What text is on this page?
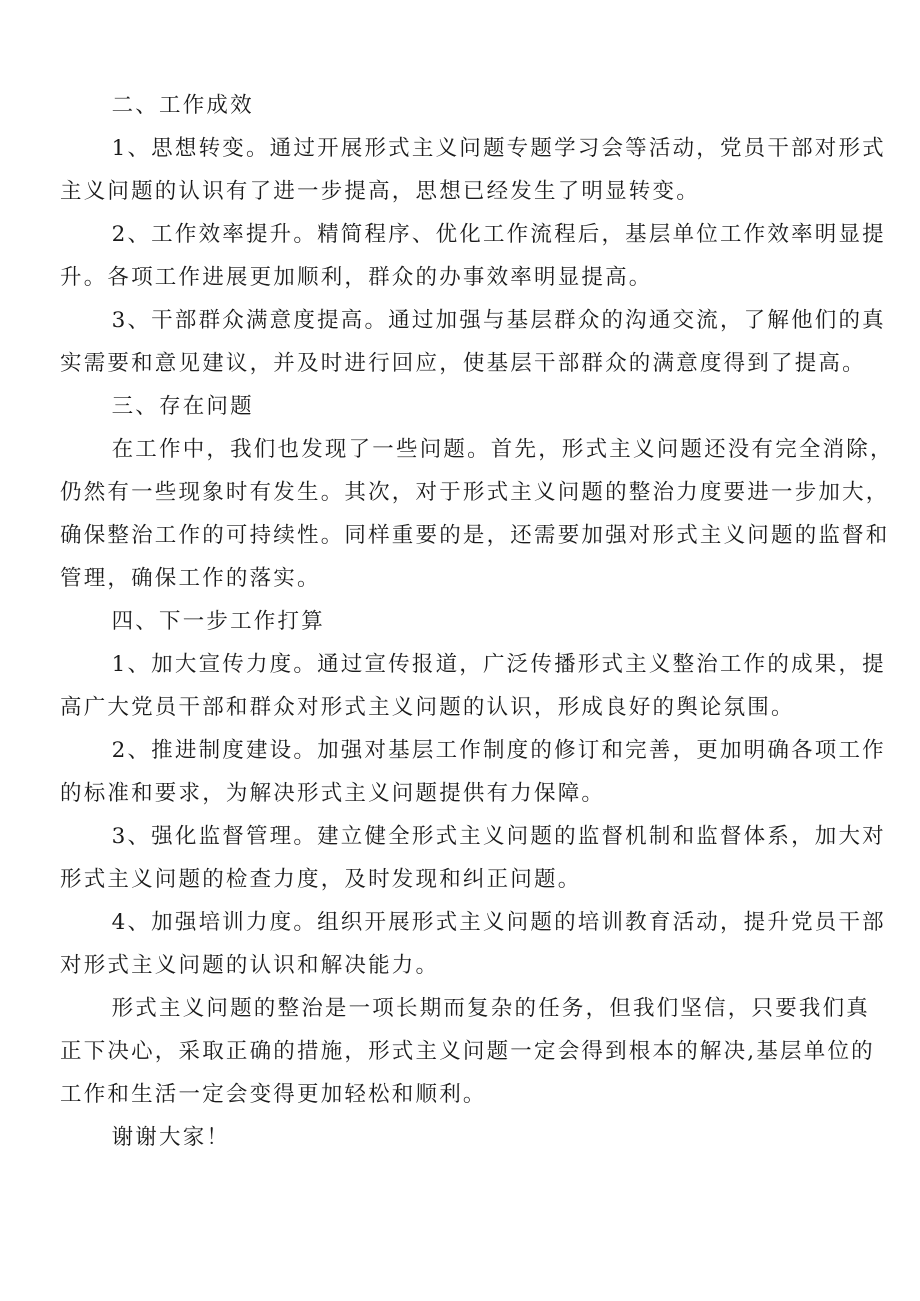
二、工作成效

1、思想转变。通过开展形式主义问题专题学习会等活动，党员干部对形式
主义问题的认识有了进一步提高，思想已经发生了明显转变。

2、工作效率提升。精简程序、优化工作流程后，基层单位工作效率明显提
升。各项工作进展更加顺利，群众的办事效率明显提高。

3、干部群众满意度提高。通过加强与基层群众的沟通交流，了解他们的真
实需要和意见建议，并及时进行回应，使基层干部群众的满意度得到了提高。

三、存在问题

在工作中，我们也发现了一些问题。首先，形式主义问题还没有完全消除，
仍然有一些现象时有发生。其次，对于形式主义问题的整治力度要进一步加大，
确保整治工作的可持续性。同样重要的是，还需要加强对形式主义问题的监督和
管理，确保工作的落实。

四、下一步工作打算

1、加大宣传力度。通过宣传报道，广泛传播形式主义整治工作的成果，提
高广大党员干部和群众对形式主义问题的认识，形成良好的舆论氛围。

2、推进制度建设。加强对基层工作制度的修订和完善，更加明确各项工作
的标准和要求，为解决形式主义问题提供有力保障。

3、强化监督管理。建立健全形式主义问题的监督机制和监督体系，加大对
形式主义问题的检查力度，及时发现和纠正问题。

4、加强培训力度。组织开展形式主义问题的培训教育活动，提升党员干部
对形式主义问题的认识和解决能力。

形式主义问题的整治是一项长期而复杂的任务，但我们坚信，只要我们真
正下决心，采取正确的措施，形式主义问题一定会得到根本的解决,基层单位的
工作和生活一定会变得更加轻松和顺利。

谢谢大家！
